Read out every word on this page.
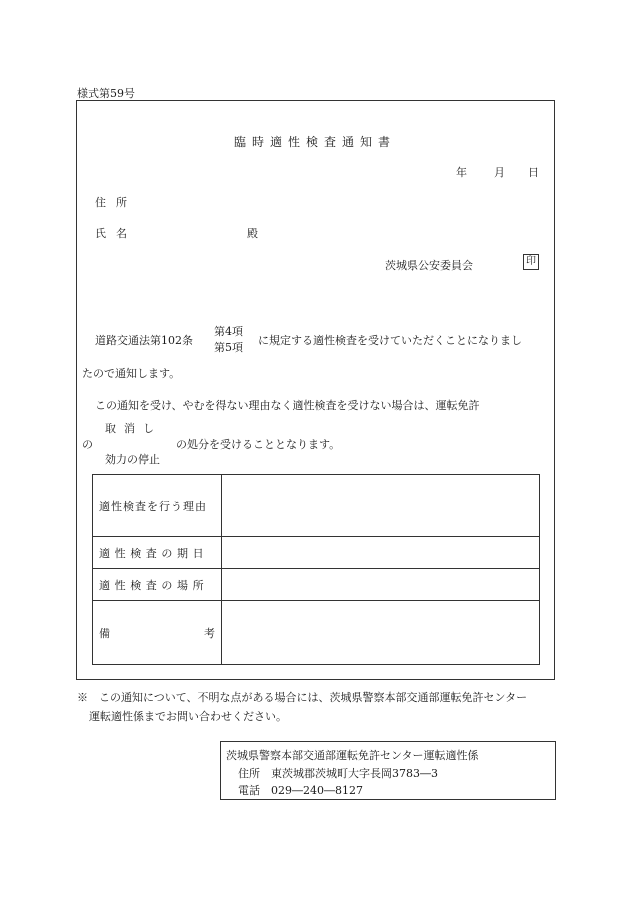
様式第59号
臨時適性検査通知書
年 月 日
住所
氏名	殿
茨城県公安委員会	印
道路交通法第102条
第4項
第5項
に規定する適性検査を受けていただくことになりまし
たので通知します。
この通知を受け、やむを得ない理由なく適性検査を受けない場合は、運転免許
取消し
の	の処分を受けることとなります。
効力の停止
適性検査を行う理由	

適性検査の期日	

適性検査の場所	

備 考	

※　この通知について、不明な点がある場合には、茨城県警察本部交通部運転免許センター
運転適性係までお問い合わせください。
茨城県警察本部交通部運転免許センター運転適性係
住所　東茨城郡茨城町大字長岡3783―3
電話　029―240―8127
